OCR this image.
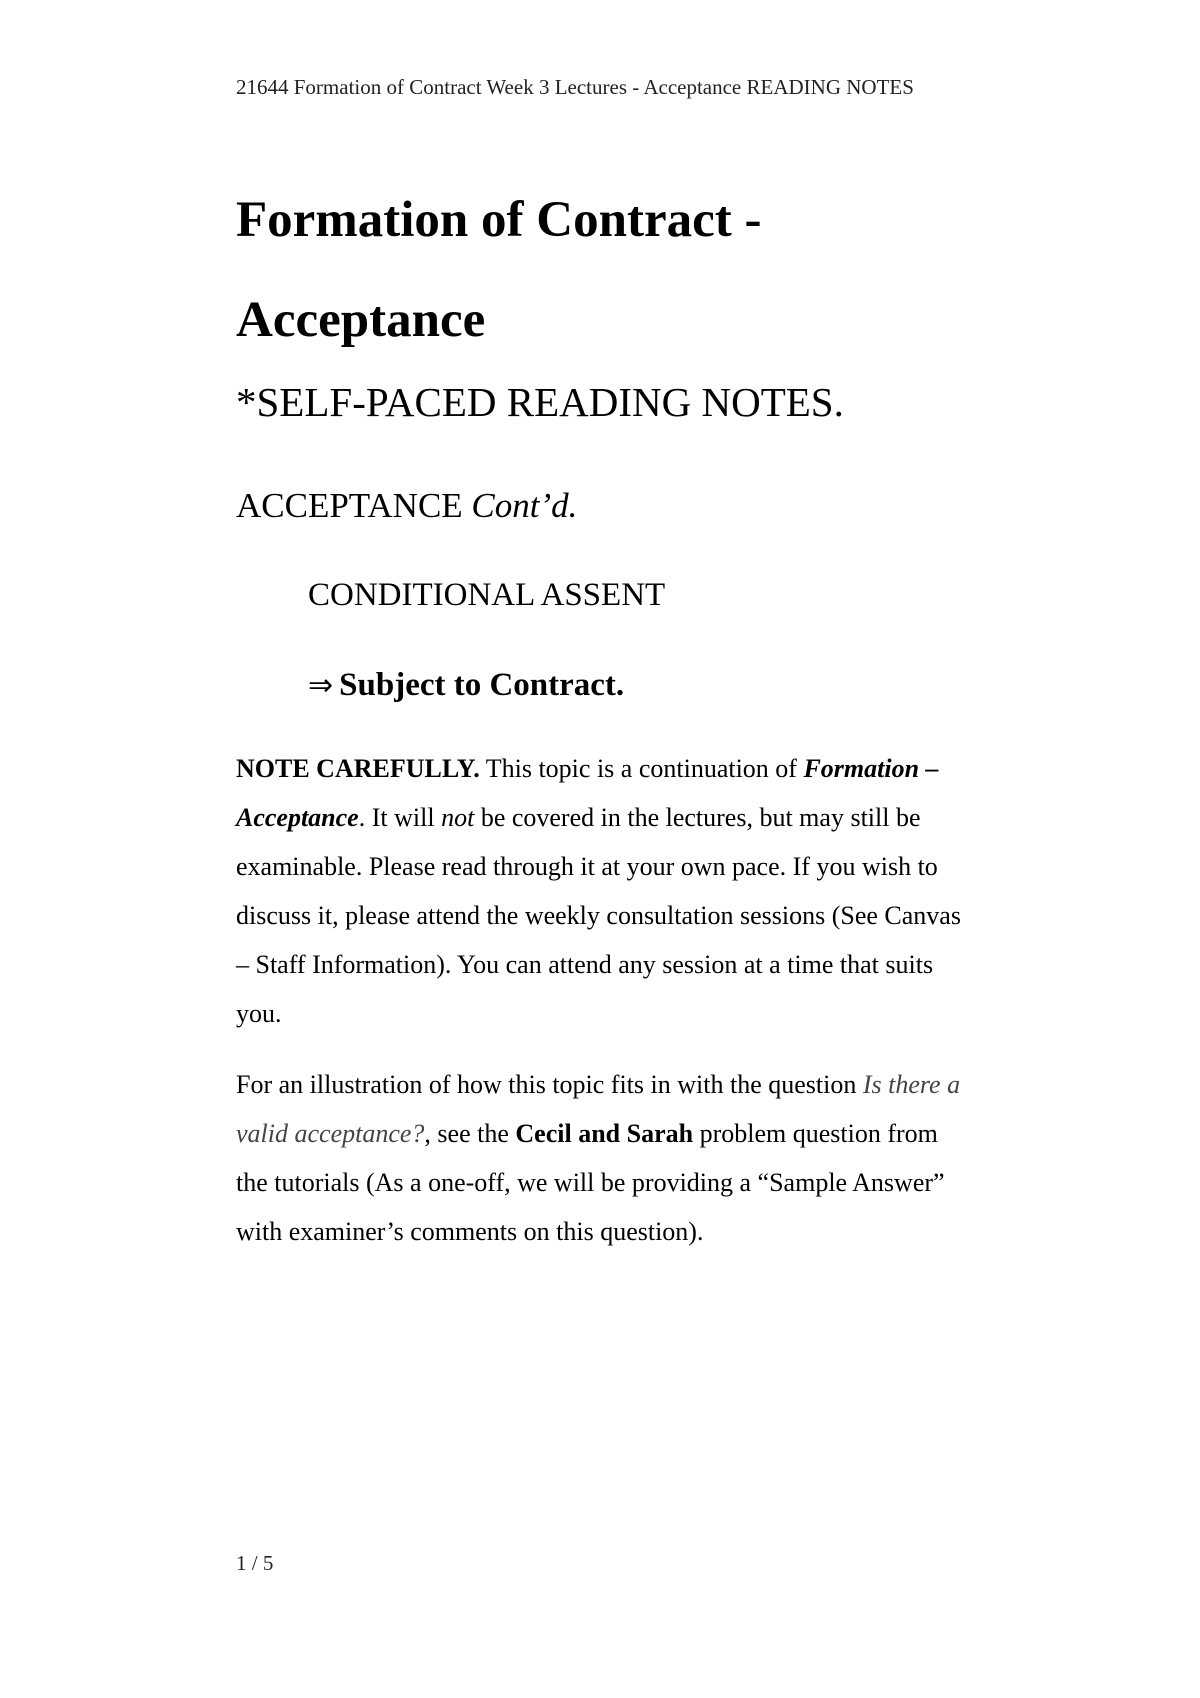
21644 Formation of Contract Week 3 Lectures - Acceptance READING NOTES
Formation of Contract -
Acceptance
*SELF-PACED READING NOTES.
ACCEPTANCE Cont’d.
CONDITIONAL ASSENT
⇒ Subject to Contract.

NOTE CAREFULLY. This topic is a continuation of Formation – Acceptance. It will not be covered in the lectures, but may still be examinable. Please read through it at your own pace. If you wish to discuss it, please attend the weekly consultation sessions (See Canvas – Staff Information). You can attend any session at a time that suits you.

For an illustration of how this topic fits in with the question Is there a valid acceptance?, see the Cecil and Sarah problem question from the tutorials (As a one-off, we will be providing a “Sample Answer” with examiner’s comments on this question).

1 / 5
